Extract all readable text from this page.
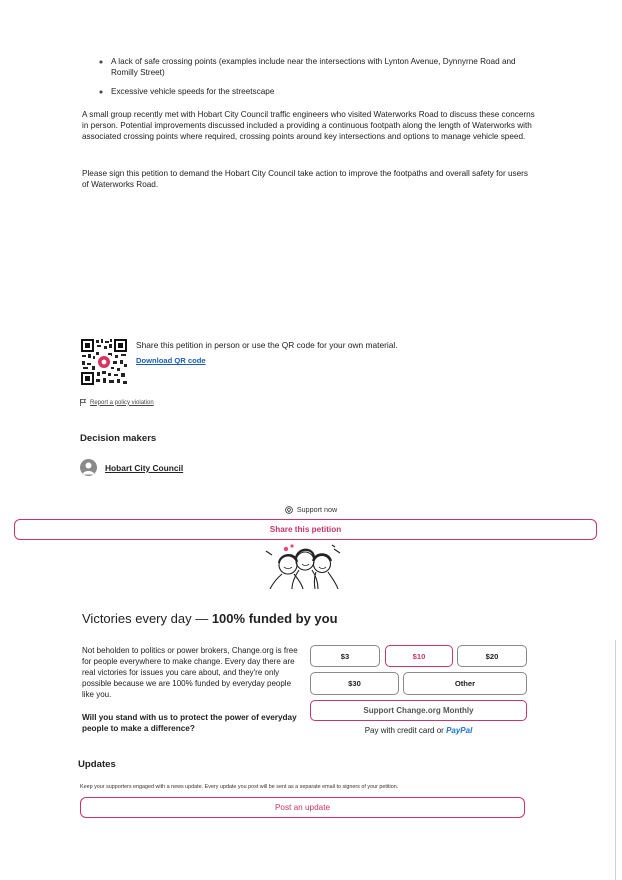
◦ A lack of safe crossing points (examples include near the intersections with Lynton Avenue, Dynnyrne Road and Romilly Street)
◦ Excessive vehicle speeds for the streetscape

A small group recently met with Hobart City Council traffic engineers who visited Waterworks Road to discuss these concerns in person. Potential improvements discussed included a providing a continuous footpath along the length of Waterworks with associated crossing points where required, crossing points around key intersections and options to manage vehicle speed.

Please sign this petition to demand the Hobart City Council take action to improve the footpaths and overall safety for users of Waterworks Road.

Share this petition in person or use the QR code for your own material.
Download QR code
Report a policy violation
Decision makers
Hobart City Council
Support now
Share this petition
Victories every day — 100% funded by you

Not beholden to politics or power brokers, Change.org is free for people everywhere to make change. Every day there are real victories for issues you care about, and they're only possible because we are 100% funded by everyday people like you.

Will you stand with us to protect the power of everyday people to make a difference?

$3	$10	$20
$30	Other
Support Change.org Monthly
Pay with credit card or PayPal
Updates
Keep your supporters engaged with a news update. Every update you post will be sent as a separate email to signers of your petition.
Post an update
